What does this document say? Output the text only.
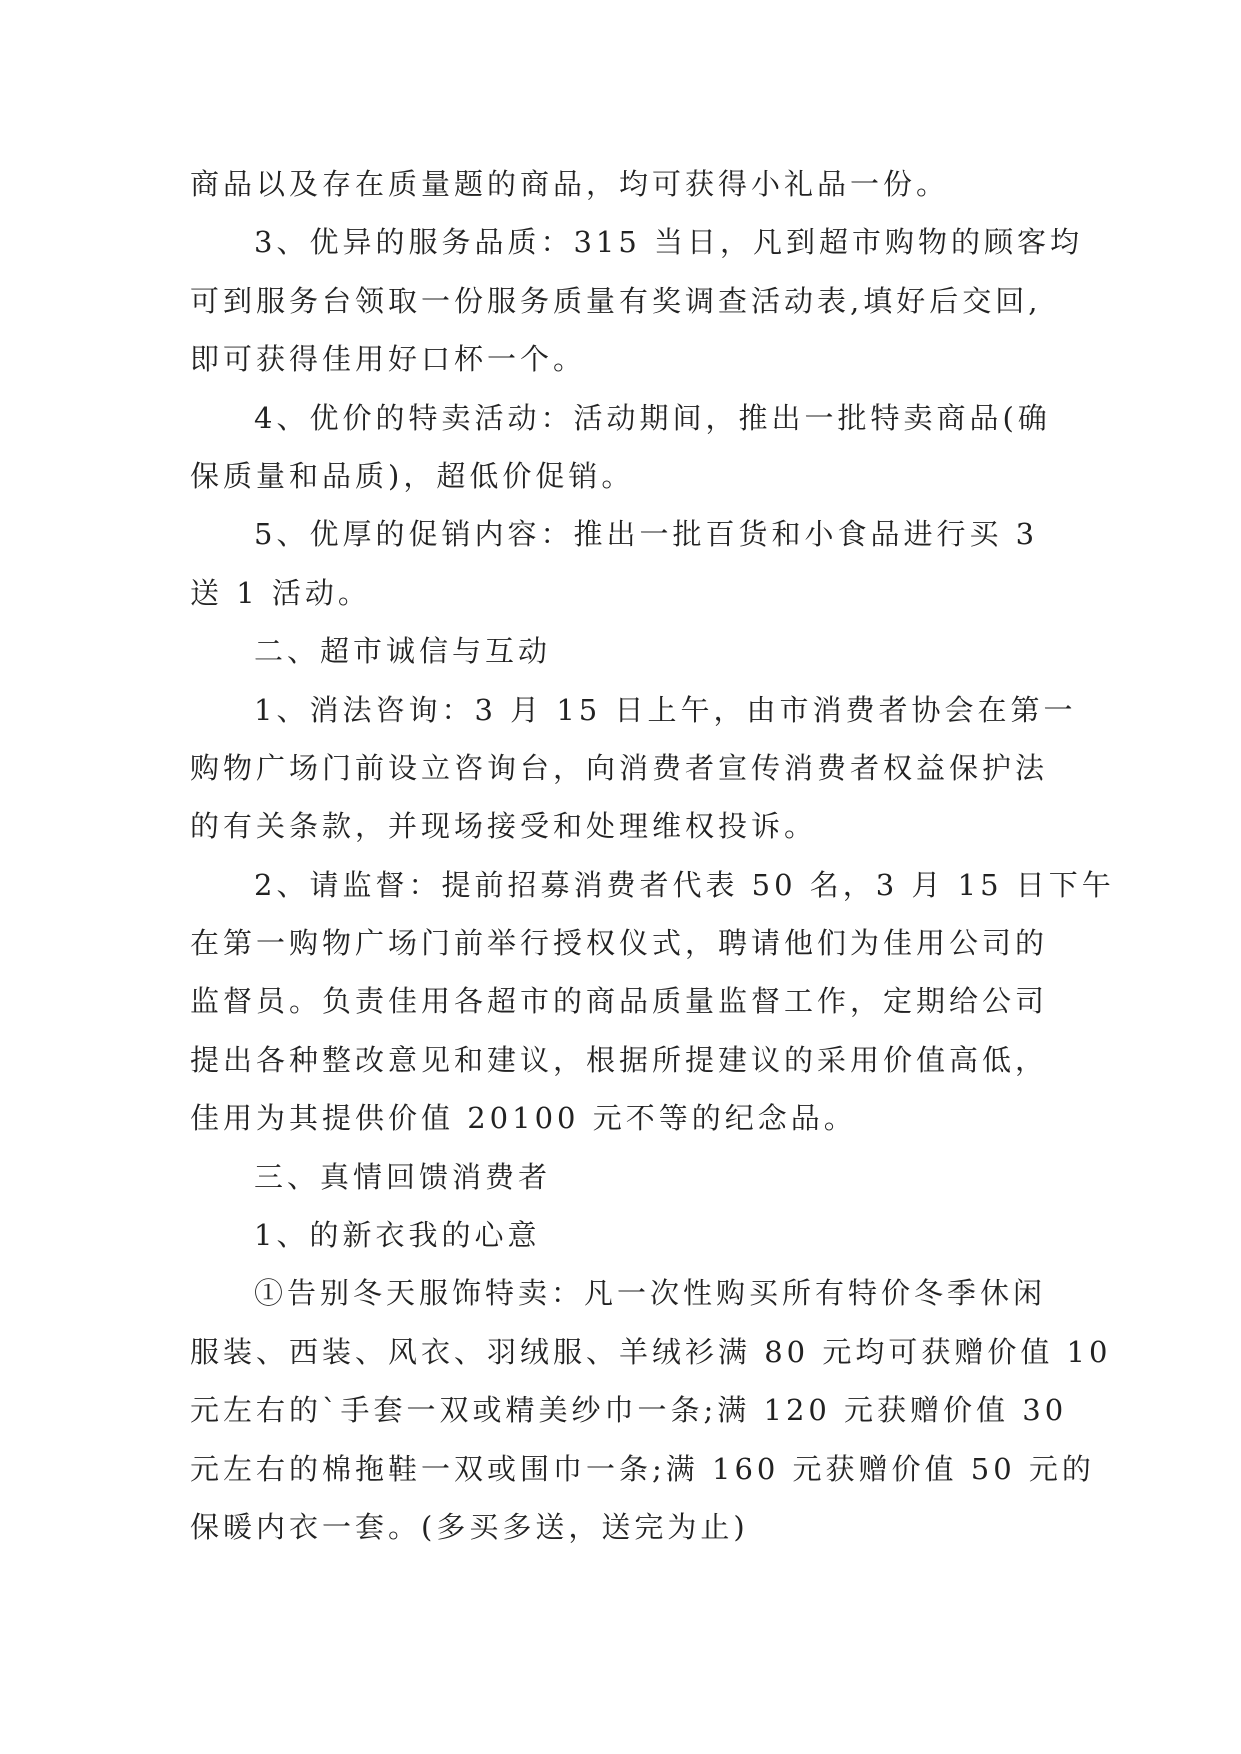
商品以及存在质量题的商品，均可获得小礼品一份。

3、优异的服务品质：315 当日，凡到超市购物的顾客均

可到服务台领取一份服务质量有奖调查活动表,填好后交回,

即可获得佳用好口杯一个。

4、优价的特卖活动：活动期间，推出一批特卖商品(确

保质量和品质)，超低价促销。

5、优厚的促销内容：推出一批百货和小食品进行买 3

送 1 活动。

二、超市诚信与互动

1、消法咨询：3 月 15 日上午，由市消费者协会在第一

购物广场门前设立咨询台，向消费者宣传消费者权益保护法

的有关条款，并现场接受和处理维权投诉。

2、请监督：提前招募消费者代表 50 名，3 月 15 日下午

在第一购物广场门前举行授权仪式，聘请他们为佳用公司的

监督员。负责佳用各超市的商品质量监督工作，定期给公司

提出各种整改意见和建议，根据所提建议的采用价值高低，

佳用为其提供价值 20100 元不等的纪念品。

三、真情回馈消费者

1、的新衣我的心意

①告别冬天服饰特卖：凡一次性购买所有特价冬季休闲

服装、西装、风衣、羽绒服、羊绒衫满 80 元均可获赠价值 10

元左右的`手套一双或精美纱巾一条;满 120 元获赠价值 30

元左右的棉拖鞋一双或围巾一条;满 160 元获赠价值 50 元的

保暖内衣一套。(多买多送，送完为止)
